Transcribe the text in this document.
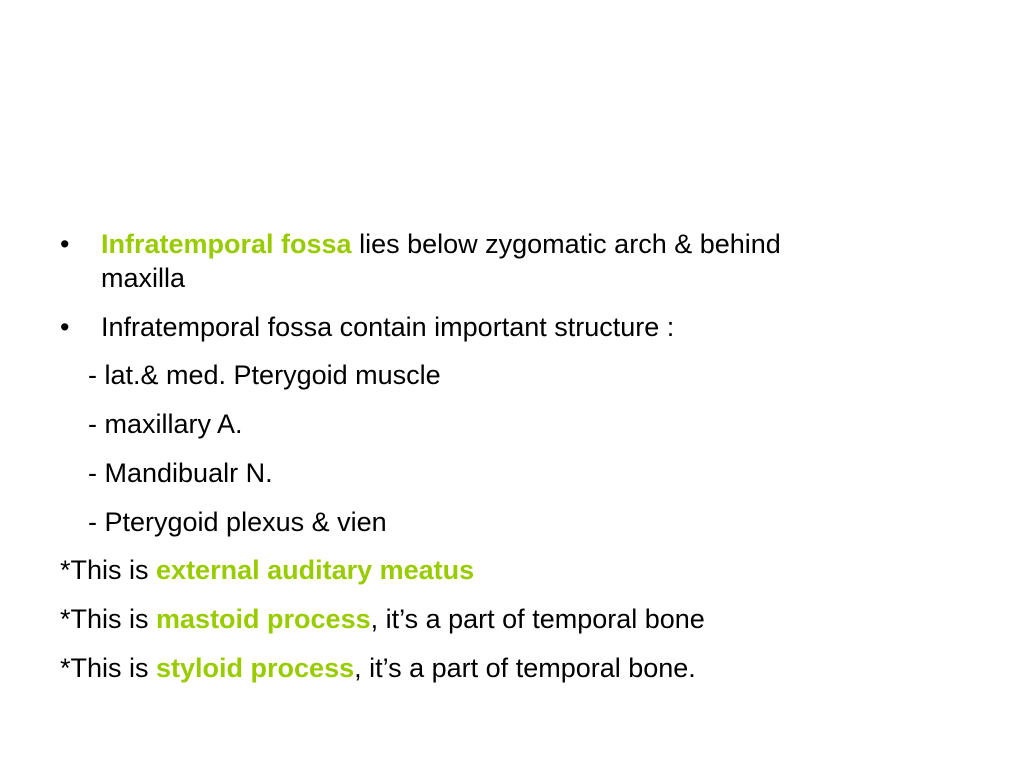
•	Infratemporal fossa lies below zygomatic arch & behind
maxilla
•	Infratemporal fossa contain important structure :
- lat.& med. Pterygoid muscle
- maxillary A.
- Mandibualr N.
- Pterygoid plexus & vien
*This is external auditary meatus
*This is mastoid process, it’s a part of temporal bone
*This is styloid process, it’s a part of temporal bone.
